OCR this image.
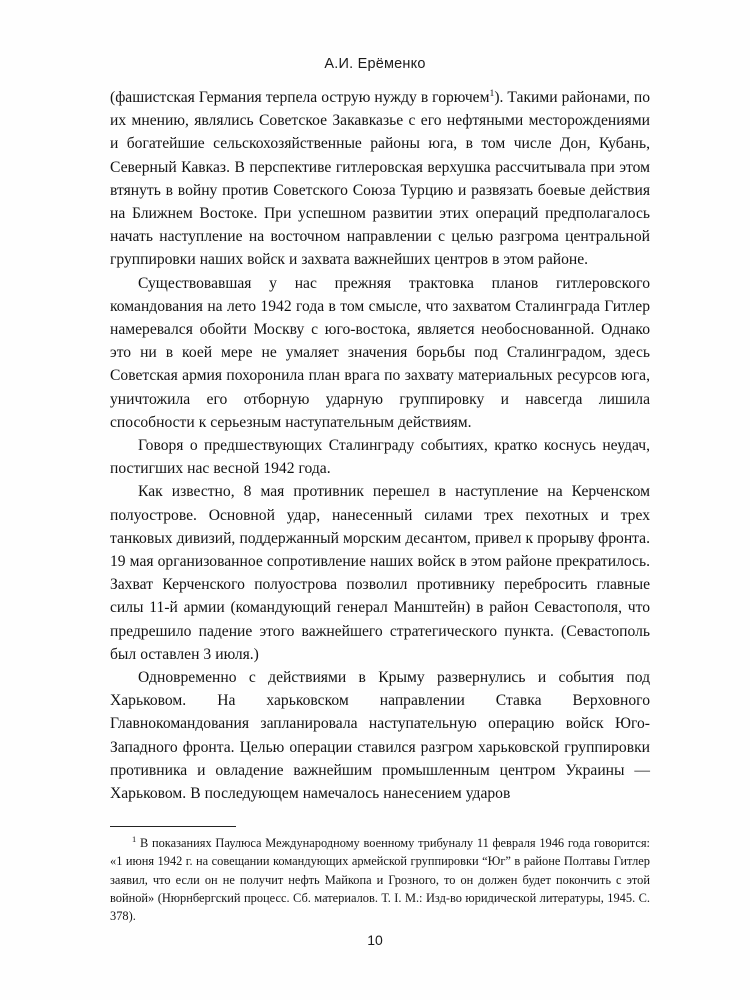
А.И. Ерёменко

(фашистская Германия терпела острую нужду в горючем$^1$). Такими районами, по их мнению, являлись Советское Закавказье с его нефтяными месторождениями и богатейшие сельскохозяйственные районы юга, в том числе Дон, Кубань, Северный Кавказ. В перспективе гитлеровская верхушка рассчитывала при этом втянуть в войну против Советского Союза Турцию и развязать боевые действия на Ближнем Востоке. При успешном развитии этих операций предполагалось начать наступление на восточном направлении с целью разгрома центральной группировки наших войск и захвата важнейших центров в этом районе.

Существовавшая у нас прежняя трактовка планов гитлеровского командования на лето 1942 года в том смысле, что захватом Сталинграда Гитлер намеревался обойти Москву с юго-востока, является необоснованной. Однако это ни в коей мере не умаляет значения борьбы под Сталинградом, здесь Советская армия похоронила план врага по захвату материальных ресурсов юга, уничтожила его отборную ударную группировку и навсегда лишила способности к серьезным наступательным действиям.

Говоря о предшествующих Сталинграду событиях, кратко коснусь неудач, постигших нас весной 1942 года.

Как известно, 8 мая противник перешел в наступление на Керченском полуострове. Основной удар, нанесенный силами трех пехотных и трех танковых дивизий, поддержанный морским десантом, привел к прорыву фронта. 19 мая организованное сопротивление наших войск в этом районе прекратилось. Захват Керченского полуострова позволил противнику перебросить главные силы 11-й армии (командующий генерал Манштейн) в район Севастополя, что предрешило падение этого важнейшего стратегического пункта. (Севастополь был оставлен 3 июля.)

Одновременно с действиями в Крыму развернулись и события под Харьковом. На харьковском направлении Ставка Верховного Главнокомандования запланировала наступательную операцию войск Юго-Западного фронта. Целью операции ставился разгром харьковской группировки противника и овладение важнейшим промышленным центром Украины — Харьковом. В последующем намечалось нанесением ударов

$^1$ В показаниях Паулюса Международному военному трибуналу 11 февраля 1946 года говорится: «1 июня 1942 г. на совещании командующих армейской группировки “Юг” в районе Полтавы Гитлер заявил, что если он не получит нефть Майкопа и Грозного, то он должен будет покончить с этой войной» (Нюрнбергский процесс. Сб. материалов. Т. I. М.: Изд-во юридической литературы, 1945. С. 378).

10
